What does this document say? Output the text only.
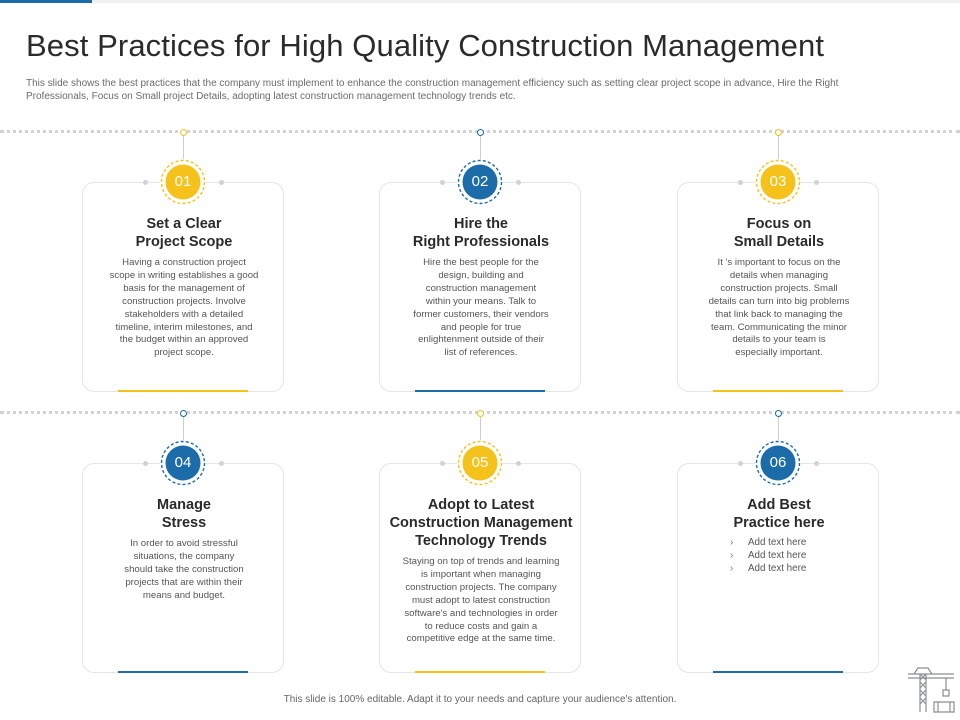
Best Practices for High Quality Construction Management
This slide shows the best practices that the company must implement to enhance the construction management efficiency such as setting clear project scope in advance, Hire the Right
Professionals, Focus on Small project Details, adopting latest construction management technology trends etc.
Set a Clear
Project Scope
Having a construction project
scope in writing establishes a good
basis for the management of
construction projects. Involve
stakeholders with a detailed
timeline, interim milestones, and
the budget within an approved
project scope.
01
Hire the
Right Professionals
Hire the best people for the
design, building and
construction management
within your means. Talk to
former customers, their vendors
and people for true
enlightenment outside of their
list of references.
02
Focus on
Small Details
It 's important to focus on the
details when managing
construction projects. Small
details can turn into big problems
that link back to managing the
team. Communicating the minor
details to your team is
especially important.
03
Manage
Stress
In order to avoid stressful
situations, the company
should take the construction
projects that are within their
means and budget.
04
Adopt to Latest
Construction Management
Technology Trends
Staying on top of trends and learning
is important when managing
construction projects. The company
must adopt to latest construction
software's and technologies in order
to reduce costs and gain a
competitive edge at the same time.
05
Add Best
Practice here
› Add text here
› Add text here
› Add text here
06
This slide is 100% editable. Adapt it to your needs and capture your audience's attention.
